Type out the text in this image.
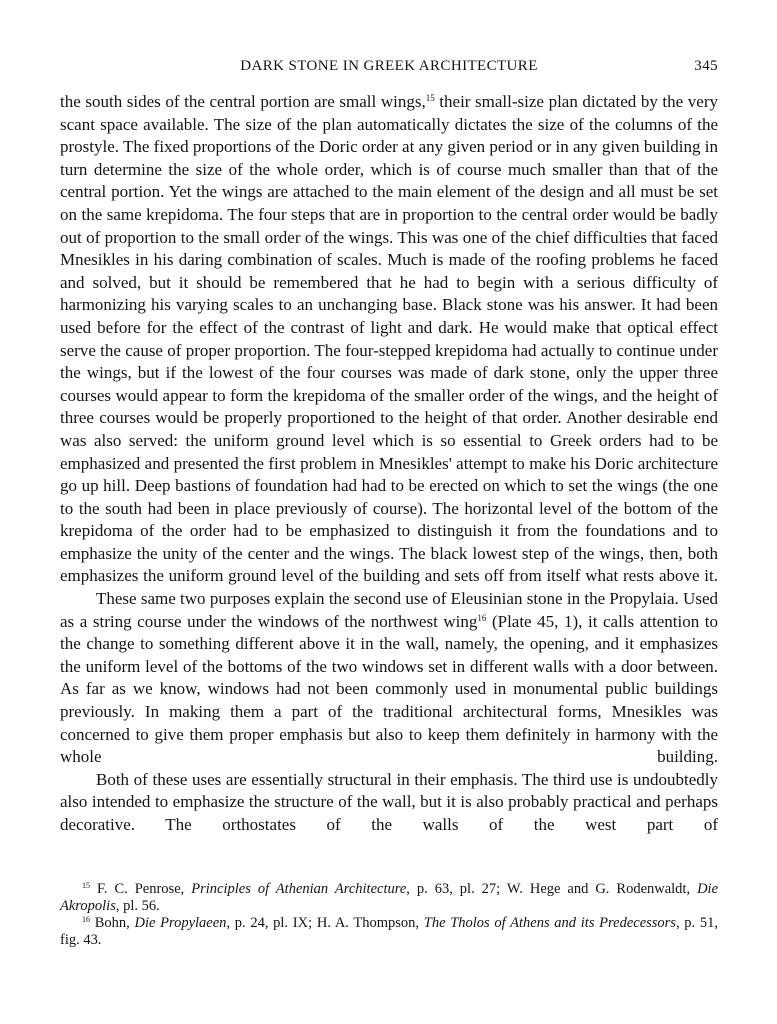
DARK STONE IN GREEK ARCHITECTURE	345

the south sides of the central portion are small wings,$^{15}$ their small-size plan dictated by the very scant space available. The size of the plan automatically dictates the size of the columns of the prostyle. The fixed proportions of the Doric order at any given period or in any given building in turn determine the size of the whole order, which is of course much smaller than that of the central portion. Yet the wings are attached to the main element of the design and all must be set on the same krepidoma. The four steps that are in proportion to the central order would be badly out of proportion to the small order of the wings. This was one of the chief difficulties that faced Mnesikles in his daring combination of scales. Much is made of the roofing problems he faced and solved, but it should be remembered that he had to begin with a serious difficulty of harmonizing his varying scales to an unchanging base. Black stone was his answer. It had been used before for the effect of the contrast of light and dark. He would make that optical effect serve the cause of proper proportion. The four-stepped krepidoma had actually to continue under the wings, but if the lowest of the four courses was made of dark stone, only the upper three courses would appear to form the krepidoma of the smaller order of the wings, and the height of three courses would be properly proportioned to the height of that order. Another desirable end was also served: the uniform ground level which is so essential to Greek orders had to be emphasized and presented the first problem in Mnesikles' attempt to make his Doric architecture go up hill. Deep bastions of foundation had had to be erected on which to set the wings (the one to the south had been in place previously of course). The horizontal level of the bottom of the krepidoma of the order had to be emphasized to distinguish it from the foundations and to emphasize the unity of the center and the wings. The black lowest step of the wings, then, both emphasizes the uniform ground level of the building and sets off from itself what rests above it.

These same two purposes explain the second use of Eleusinian stone in the Propylaia. Used as a string course under the windows of the northwest wing$^{16}$ (Plate 45, 1), it calls attention to the change to something different above it in the wall, namely, the opening, and it emphasizes the uniform level of the bottoms of the two windows set in different walls with a door between. As far as we know, windows had not been commonly used in monumental public buildings previously. In making them a part of the traditional architectural forms, Mnesikles was concerned to give them proper emphasis but also to keep them definitely in harmony with the whole building.

Both of these uses are essentially structural in their emphasis. The third use is undoubtedly also intended to emphasize the structure of the wall, but it is also probably practical and perhaps decorative. The orthostates of the walls of the west part of

$^{15}$ F. C. Penrose, Principles of Athenian Architecture, p. 63, pl. 27; W. Hege and G. Rodenwaldt, Die Akropolis, pl. 56.

$^{16}$ Bohn, Die Propylaeen, p. 24, pl. IX; H. A. Thompson, The Tholos of Athens and its Predecessors, p. 51, fig. 43.
